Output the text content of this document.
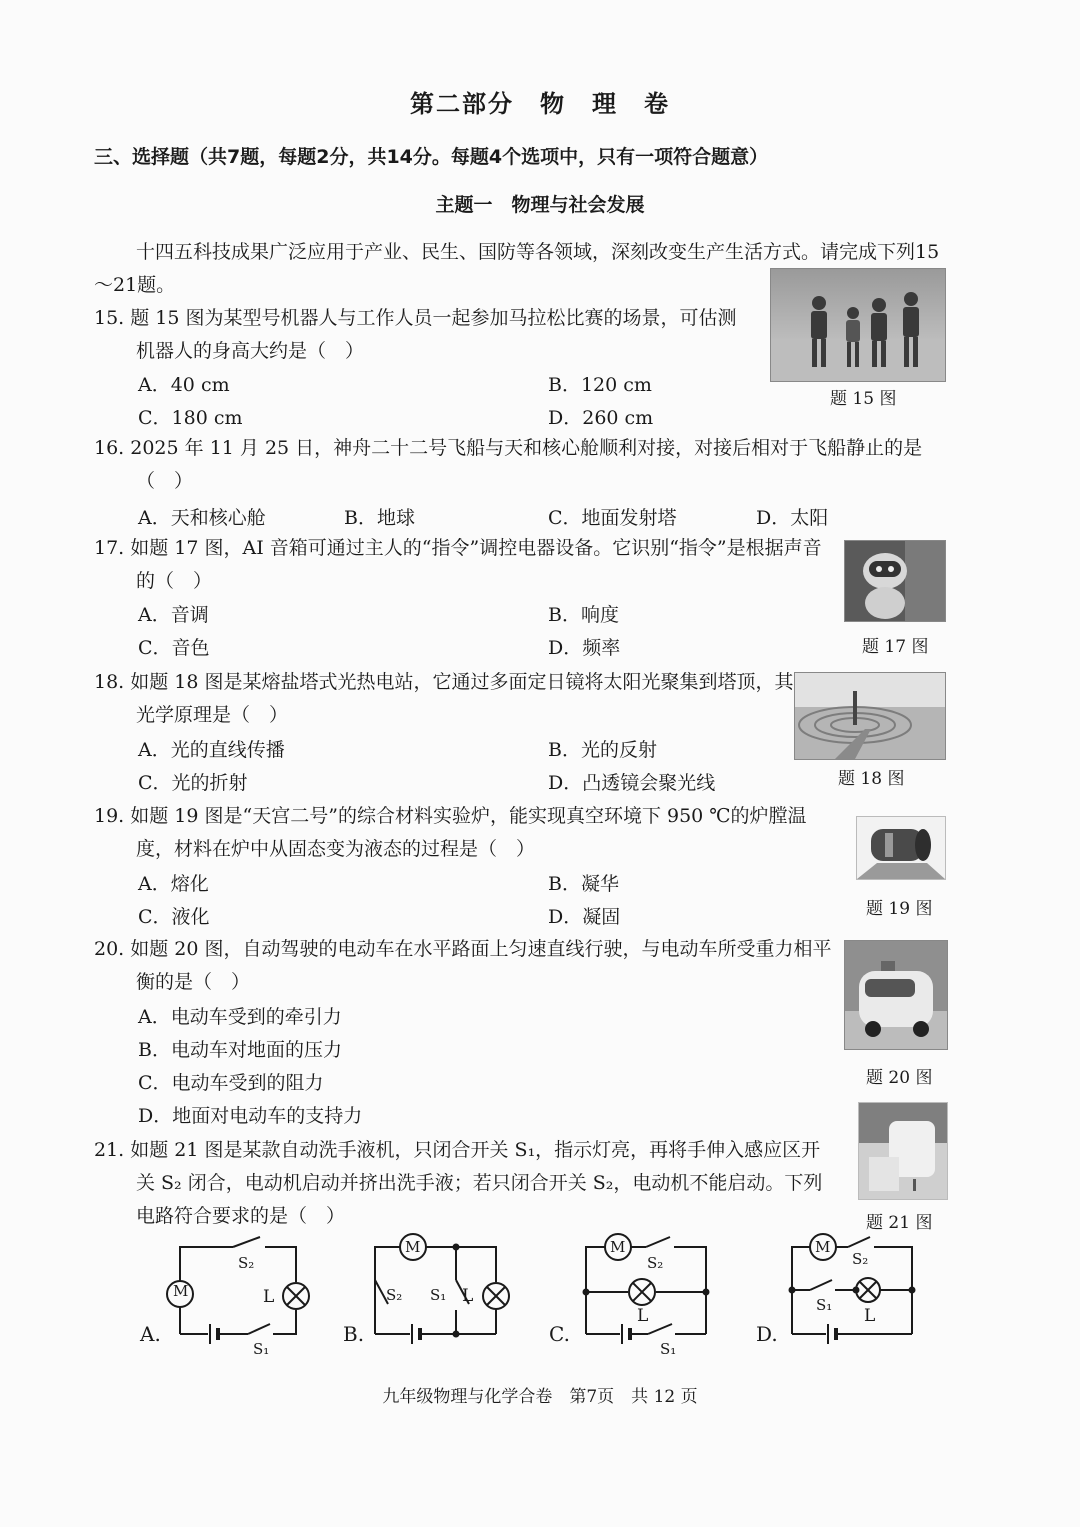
第二部分　物　理　卷
三、选择题（共7题，每题2分，共14分。每题4个选项中，只有一项符合题意）
主题一　物理与社会发展
十四五科技成果广泛应用于产业、民生、国防等各领域，深刻改变生产生活方式。请完成下列15～21题。
15. 题 15 图为某型号机器人与工作人员一起参加马拉松比赛的场景，可估测机器人的身高大约是（　）
A．40 cm	B．120 cm
C．180 cm	D．260 cm
题 15 图
16. 2025 年 11 月 25 日，神舟二十二号飞船与天和核心舱顺利对接，对接后相对于飞船静止的是（　）
A．天和核心舱	B．地球	C．地面发射塔	D．太阳
17. 如题 17 图，AI 音箱可通过主人的“指令”调控电器设备。它识别“指令”是根据声音的（　）
A．音调	B．响度
C．音色	D．频率	题 17 图
18. 如题 18 图是某熔盐塔式光热电站，它通过多面定日镜将太阳光聚集到塔顶，其光学原理是（　）
A．光的直线传播	B．光的反射
C．光的折射	D．凸透镜会聚光线	题 18 图
19. 如题 19 图是“天宫二号”的综合材料实验炉，能实现真空环境下 950 ℃的炉膛温度，材料在炉中从固态变为液态的过程是（　）
A．熔化	B．凝华
C．液化	D．凝固	题 19 图
20. 如题 20 图，自动驾驶的电动车在水平路面上匀速直线行驶，与电动车所受重力相平衡的是（　）
A．电动车受到的牵引力
B．电动车对地面的压力
C．电动车受到的阻力
D．地面对电动车的支持力
题 20 图
21. 如题 21 图是某款自动洗手液机，只闭合开关 S₁，指示灯亮，再将手伸入感应区开关 S₂ 闭合，电动机启动并挤出洗手液；若只闭合开关 S₂，电动机不能启动。下列电路符合要求的是（　）	题 21 图
A.	B.	C.	D.
M	L
S₂
S₁
M
S₂ S₁ L
M
S₂
L
S₁
M
S₂
S₁
L
九年级物理与化学合卷　第7页　共 12 页
